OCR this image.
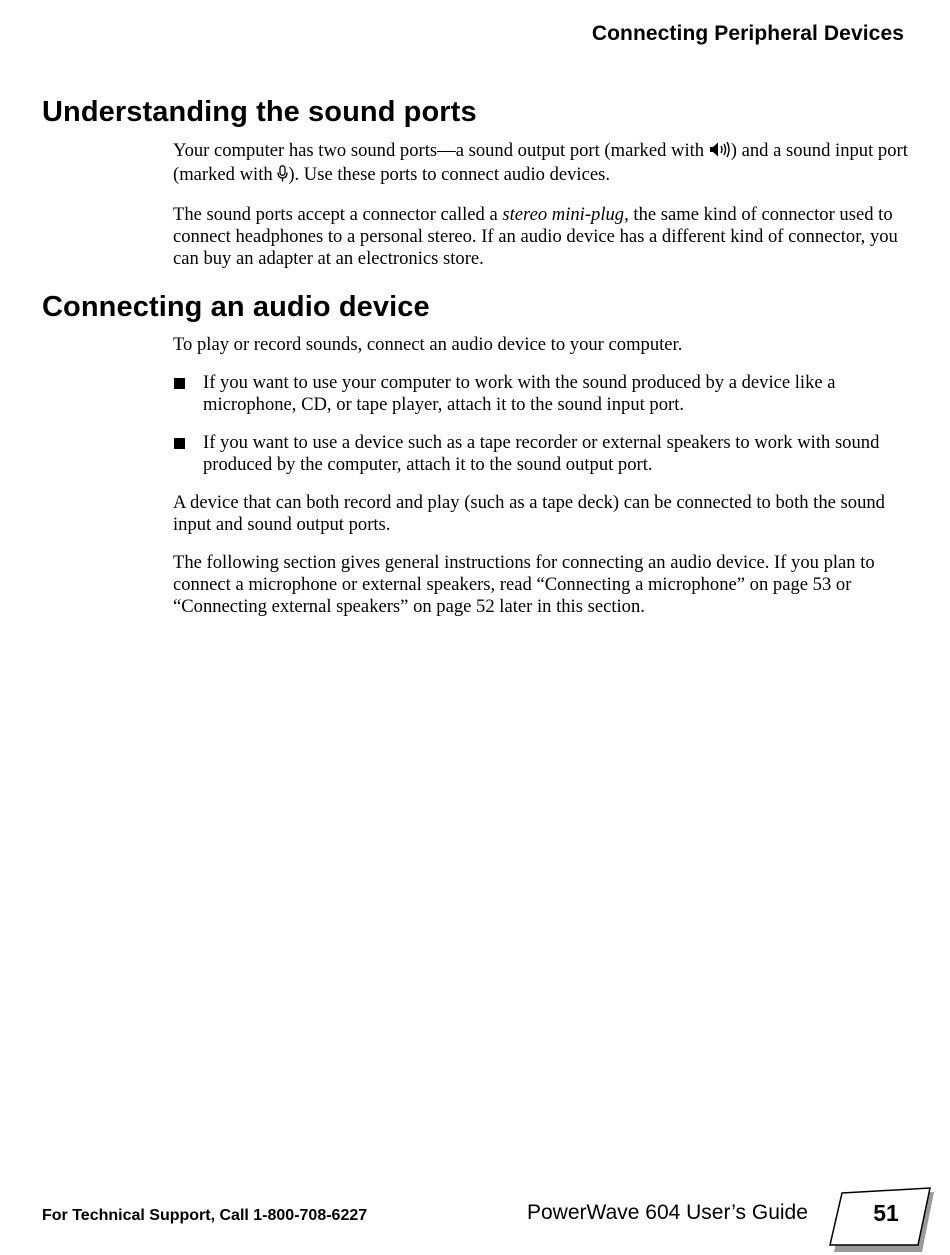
Connecting Peripheral Devices
Understanding the sound ports

Your computer has two sound ports—a sound output port (marked with ) and a sound input port (marked with ). Use these ports to connect audio devices.

The sound ports accept a connector called a stereo mini-plug, the same kind of connector used to connect headphones to a personal stereo. If an audio device has a different kind of connector, you can buy an adapter at an electronics store.

Connecting an audio device

To play or record sounds, connect an audio device to your computer.

If you want to use your computer to work with the sound produced by a device like a microphone, CD, or tape player, attach it to the sound input port.
If you want to use a device such as a tape recorder or external speakers to work with sound produced by the computer, attach it to the sound output port.

A device that can both record and play (such as a tape deck) can be connected to both the sound input and sound output ports.

The following section gives general instructions for connecting an audio device. If you plan to connect a microphone or external speakers, read “Connecting a microphone” on page 53 or “Connecting external speakers” on page 52 later in this section.

For Technical Support, Call 1-800-708-6227	PowerWave 604 User’s Guide	51
